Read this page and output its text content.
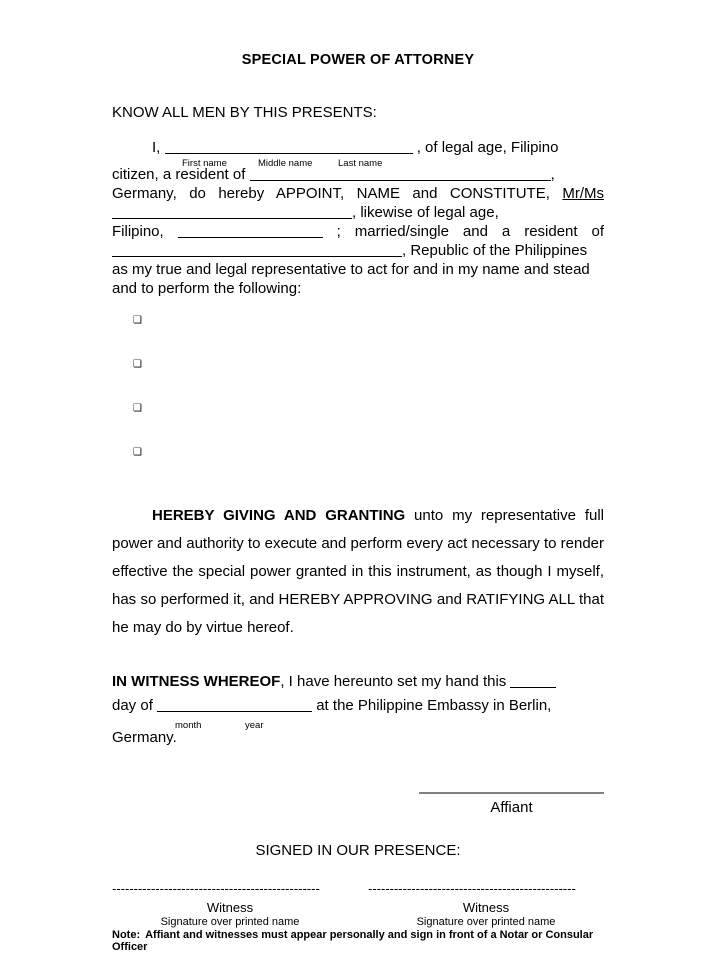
SPECIAL POWER OF ATTORNEY
KNOW ALL MEN BY THIS PRESENTS:
I,	, of legal age, Filipino
First name	Middle name	Last name
citizen, a resident of	,
Germany, do hereby APPOINT, NAME and CONSTITUTE, Mr/Ms
, likewise of legal age,
Filipino,	; married/single and a resident of
, Republic of the Philippines
as my true and legal representative to act for and in my name and stead
and to perform the following:
❑
❑
❑
❑
HEREBY GIVING AND GRANTING unto my representative full power and authority to execute and perform every act necessary to render effective the special power granted in this instrument, as though I myself, has so performed it, and HEREBY APPROVING and RATIFYING ALL that he may do by virtue hereof.
IN WITNESS WHEREOF, I have hereunto set my hand this
day of	at the Philippine Embassy in Berlin,
month	year
Germany.
Affiant
SIGNED IN OUR PRESENCE:
------------------------------------------------
Witness
Signature over printed name
------------------------------------------------
Witness
Signature over printed name
Note: Affiant and witnesses must appear personally and sign in front of a Notar or Consular Officer
